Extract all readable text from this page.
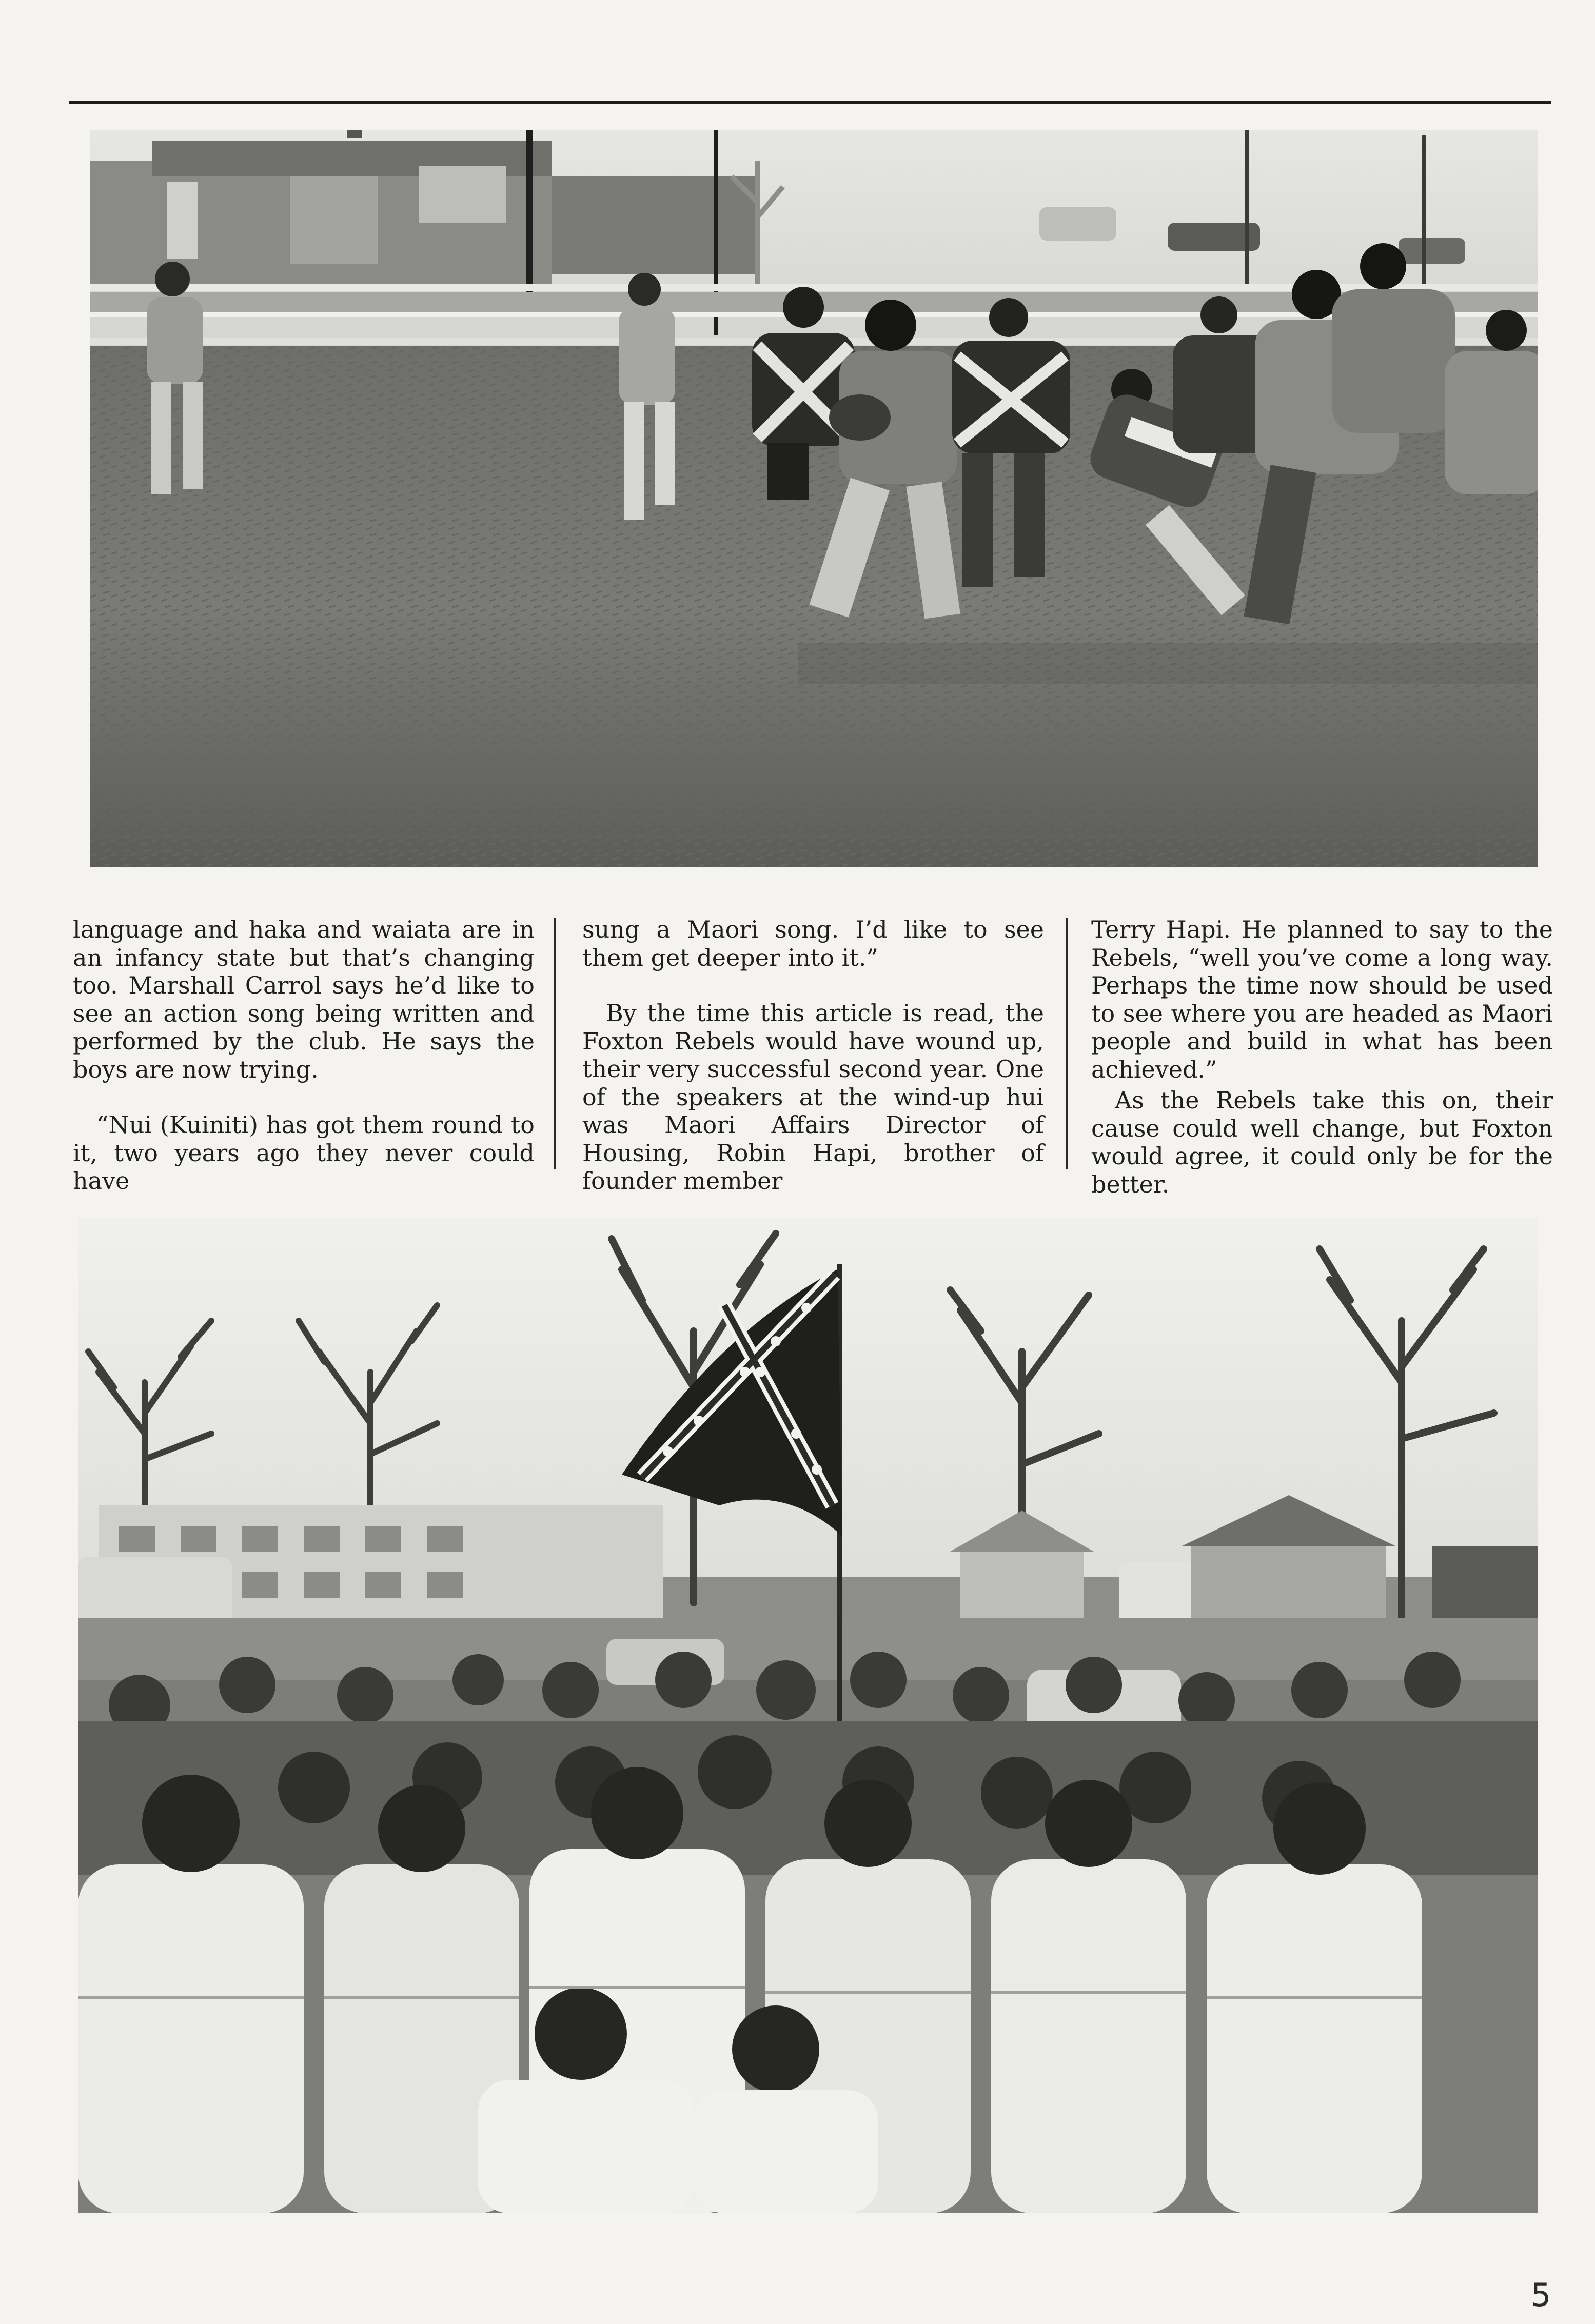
language and haka and waiata are in an infancy state but that’s changing too. Marshall Carrol says he’d like to see an action song being written and performed by the club. He says the boys are now trying.

“Nui (Kuiniti) has got them round to it, two years ago they never could have

sung a Maori song. I’d like to see them get deeper into it.”

By the time this article is read, the Foxton Rebels would have wound up, their very successful second year. One of the speakers at the wind-up hui was Maori Affairs Director of Housing, Robin Hapi, brother of founder member

Terry Hapi. He planned to say to the Rebels, “well you’ve come a long way. Perhaps the time now should be used to see where you are headed as Maori people and build in what has been achieved.”

As the Rebels take this on, their cause could well change, but Foxton would agree, it could only be for the better.

5
